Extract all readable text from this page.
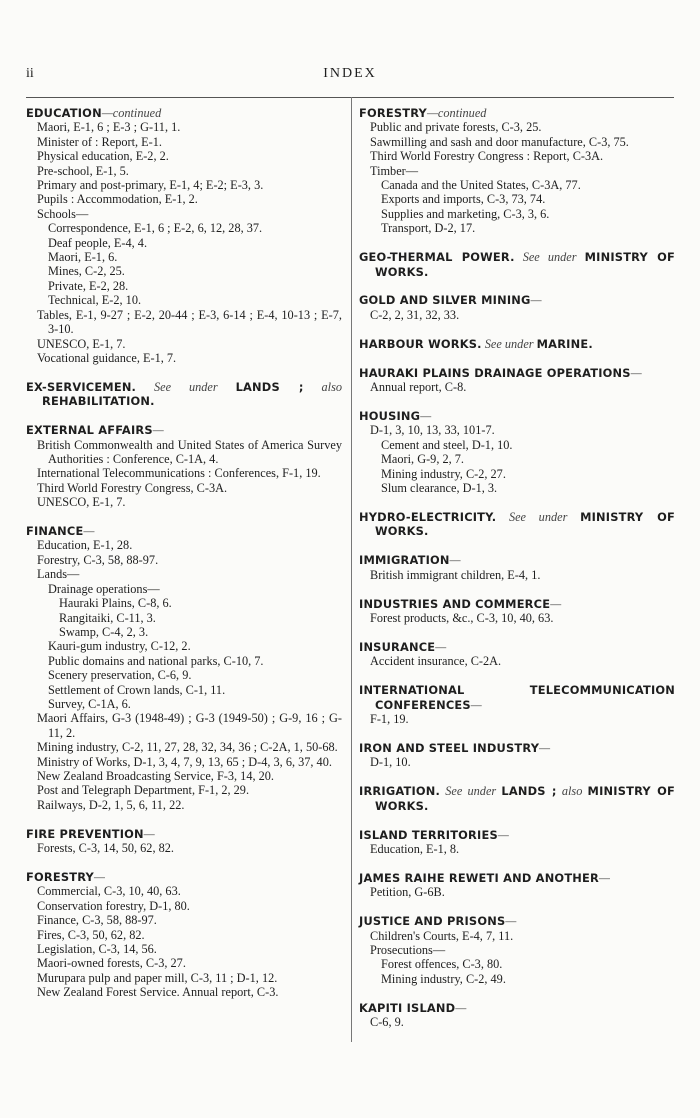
ii	INDEX

EDUCATION—continued

Maori, E-1, 6 ; E-3 ; G-11, 1.

Minister of : Report, E-1.

Physical education, E-2, 2.

Pre-school, E-1, 5.

Primary and post-primary, E-1, 4; E-2; E-3, 3.

Pupils : Accommodation, E-1, 2.

Schools—

Correspondence, E-1, 6 ; E-2, 6, 12, 28, 37.

Deaf people, E-4, 4.

Maori, E-1, 6.

Mines, C-2, 25.

Private, E-2, 28.

Technical, E-2, 10.

Tables, E-1, 9-27 ; E-2, 20-44 ; E-3, 6-14 ; E-4, 10-13 ; E-7, 3-10.

UNESCO, E-1, 7.

Vocational guidance, E-1, 7.

EX-SERVICEMEN. See under LANDS ; also REHABILITATION.

EXTERNAL AFFAIRS—

British Commonwealth and United States of America Survey Authorities : Conference, C-1A, 4.

International Telecommunications : Conferences, F-1, 19.

Third World Forestry Congress, C-3A.

UNESCO, E-1, 7.

FINANCE—

Education, E-1, 28.

Forestry, C-3, 58, 88-97.

Lands—

Drainage operations—

Hauraki Plains, C-8, 6.

Rangitaiki, C-11, 3.

Swamp, C-4, 2, 3.

Kauri-gum industry, C-12, 2.

Public domains and national parks, C-10, 7.

Scenery preservation, C-6, 9.

Settlement of Crown lands, C-1, 11.

Survey, C-1A, 6.

Maori Affairs, G-3 (1948-49) ; G-3 (1949-50) ; G-9, 16 ; G-11, 2.

Mining industry, C-2, 11, 27, 28, 32, 34, 36 ; C-2A, 1, 50-68.

Ministry of Works, D-1, 3, 4, 7, 9, 13, 65 ; D-4, 3, 6, 37, 40.

New Zealand Broadcasting Service, F-3, 14, 20.

Post and Telegraph Department, F-1, 2, 29.

Railways, D-2, 1, 5, 6, 11, 22.

FIRE PREVENTION—

Forests, C-3, 14, 50, 62, 82.

FORESTRY—

Commercial, C-3, 10, 40, 63.

Conservation forestry, D-1, 80.

Finance, C-3, 58, 88-97.

Fires, C-3, 50, 62, 82.

Legislation, C-3, 14, 56.

Maori-owned forests, C-3, 27.

Murupara pulp and paper mill, C-3, 11 ; D-1, 12.

New Zealand Forest Service. Annual report, C-3.

FORESTRY—continued

Public and private forests, C-3, 25.

Sawmilling and sash and door manufacture, C-3, 75.

Third World Forestry Congress : Report, C-3A.

Timber—

Canada and the United States, C-3A, 77.

Exports and imports, C-3, 73, 74.

Supplies and marketing, C-3, 3, 6.

Transport, D-2, 17.

GEO-THERMAL POWER. See under MINISTRY OF WORKS.

GOLD AND SILVER MINING—

C-2, 2, 31, 32, 33.

HARBOUR WORKS. See under MARINE.

HAURAKI PLAINS DRAINAGE OPERATIONS—

Annual report, C-8.

HOUSING—

D-1, 3, 10, 13, 33, 101-7.

Cement and steel, D-1, 10.

Maori, G-9, 2, 7.

Mining industry, C-2, 27.

Slum clearance, D-1, 3.

HYDRO-ELECTRICITY. See under MINISTRY OF WORKS.

IMMIGRATION—

British immigrant children, E-4, 1.

INDUSTRIES AND COMMERCE—

Forest products, &c., C-3, 10, 40, 63.

INSURANCE—

Accident insurance, C-2A.

INTERNATIONAL TELECOMMUNICATION CONFERENCES—

F-1, 19.

IRON AND STEEL INDUSTRY—

D-1, 10.

IRRIGATION. See under LANDS ; also MINISTRY OF WORKS.

ISLAND TERRITORIES—

Education, E-1, 8.

JAMES RAIHE REWETI AND ANOTHER—

Petition, G-6B.

JUSTICE AND PRISONS—

Children's Courts, E-4, 7, 11.

Prosecutions—

Forest offences, C-3, 80.

Mining industry, C-2, 49.

KAPITI ISLAND—

C-6, 9.
